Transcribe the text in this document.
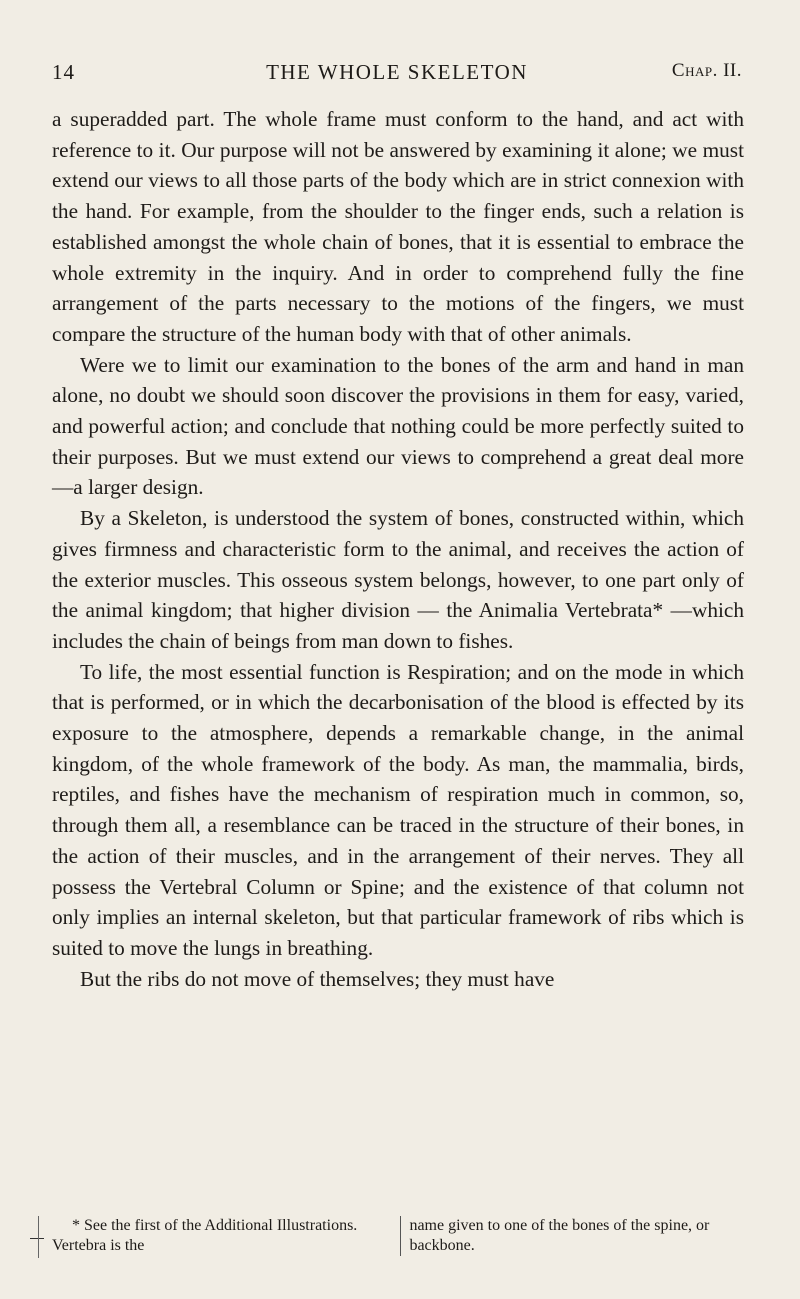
14	THE WHOLE SKELETON	Chap. II.

a superadded part. The whole frame must conform to the hand, and act with reference to it. Our purpose will not be answered by examining it alone; we must extend our views to all those parts of the body which are in strict connexion with the hand. For example, from the shoulder to the finger ends, such a relation is established amongst the whole chain of bones, that it is essential to embrace the whole extremity in the inquiry. And in order to comprehend fully the fine arrangement of the parts necessary to the motions of the fingers, we must compare the structure of the human body with that of other animals.

Were we to limit our examination to the bones of the arm and hand in man alone, no doubt we should soon discover the provisions in them for easy, varied, and powerful action; and conclude that nothing could be more perfectly suited to their purposes. But we must extend our views to comprehend a great deal more—a larger design.

By a Skeleton, is understood the system of bones, constructed within, which gives firmness and characteristic form to the animal, and receives the action of the exterior muscles. This osseous system belongs, however, to one part only of the animal kingdom; that higher division — the Animalia Vertebrata* —which includes the chain of beings from man down to fishes.

To life, the most essential function is Respiration; and on the mode in which that is performed, or in which the decarbonisation of the blood is effected by its exposure to the atmosphere, depends a remarkable change, in the animal kingdom, of the whole framework of the body. As man, the mammalia, birds, reptiles, and fishes have the mechanism of respiration much in common, so, through them all, a resemblance can be traced in the structure of their bones, in the action of their muscles, and in the arrangement of their nerves. They all possess the Vertebral Column or Spine; and the existence of that column not only implies an internal skeleton, but that particular framework of ribs which is suited to move the lungs in breathing.

But the ribs do not move of themselves; they must have

* See the first of the Additional Illustrations. Vertebra is the
name given to one of the bones of the spine, or backbone.
